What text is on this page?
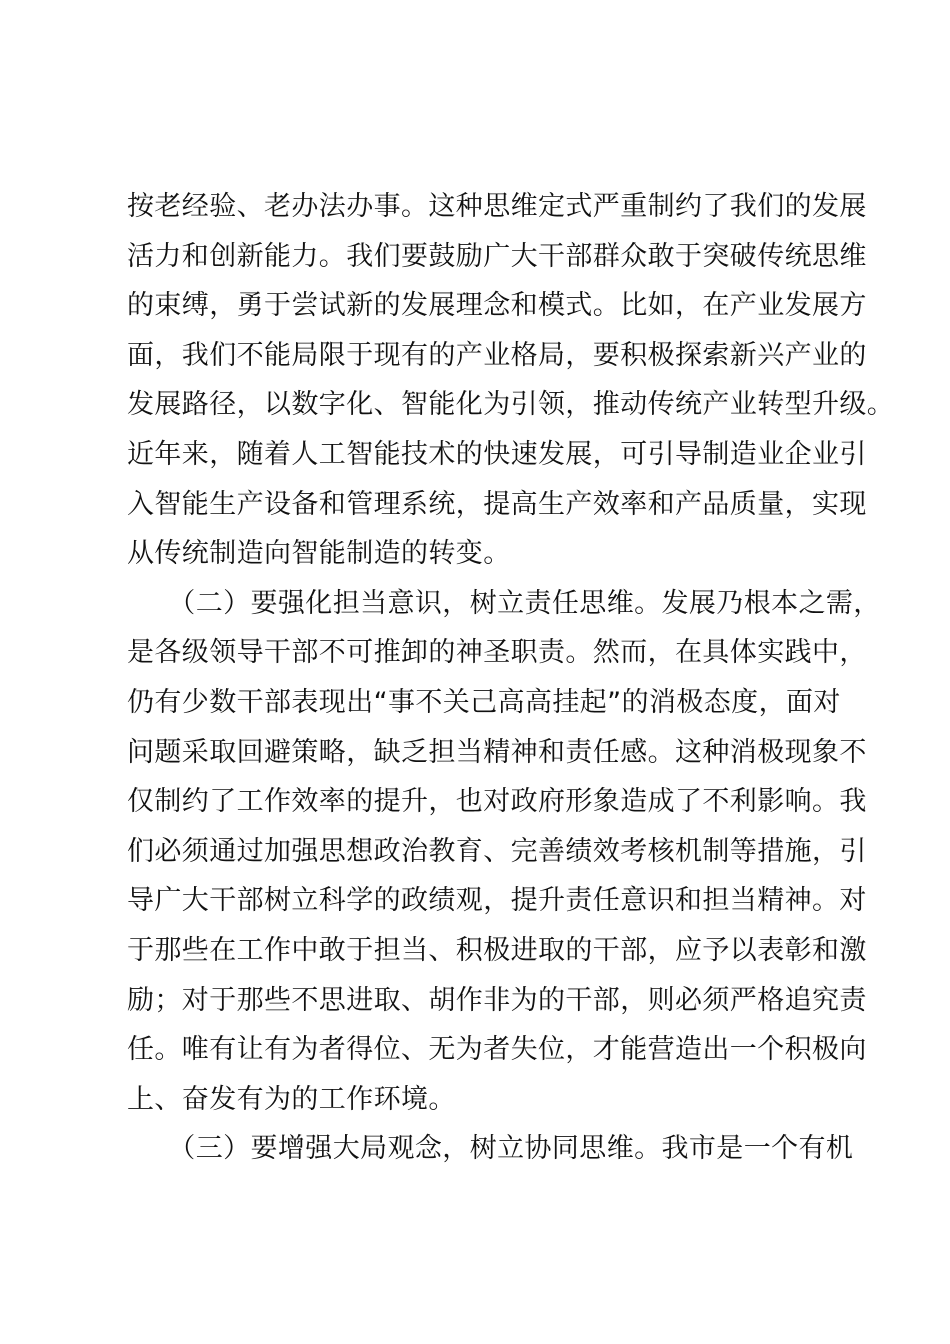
按老经验、老办法办事。这种思维定式严重制约了我们的发展
活力和创新能力。我们要鼓励广大干部群众敢于突破传统思维
的束缚，勇于尝试新的发展理念和模式。比如，在产业发展方
面，我们不能局限于现有的产业格局，要积极探索新兴产业的
发展路径，以数字化、智能化为引领，推动传统产业转型升级。
近年来，随着人工智能技术的快速发展，可引导制造业企业引
入智能生产设备和管理系统，提高生产效率和产品质量，实现
从传统制造向智能制造的转变。
　　（二）要强化担当意识，树立责任思维。发展乃根本之需，
是各级领导干部不可推卸的神圣职责。然而，在具体实践中，
仍有少数干部表现出“事不关己高高挂起”的消极态度，面对
问题采取回避策略，缺乏担当精神和责任感。这种消极现象不
仅制约了工作效率的提升，也对政府形象造成了不利影响。我
们必须通过加强思想政治教育、完善绩效考核机制等措施，引
导广大干部树立科学的政绩观，提升责任意识和担当精神。对
于那些在工作中敢于担当、积极进取的干部，应予以表彰和激
励；对于那些不思进取、胡作非为的干部，则必须严格追究责
任。唯有让有为者得位、无为者失位，才能营造出一个积极向
上、奋发有为的工作环境。
　　（三）要增强大局观念，树立协同思维。我市是一个有机
